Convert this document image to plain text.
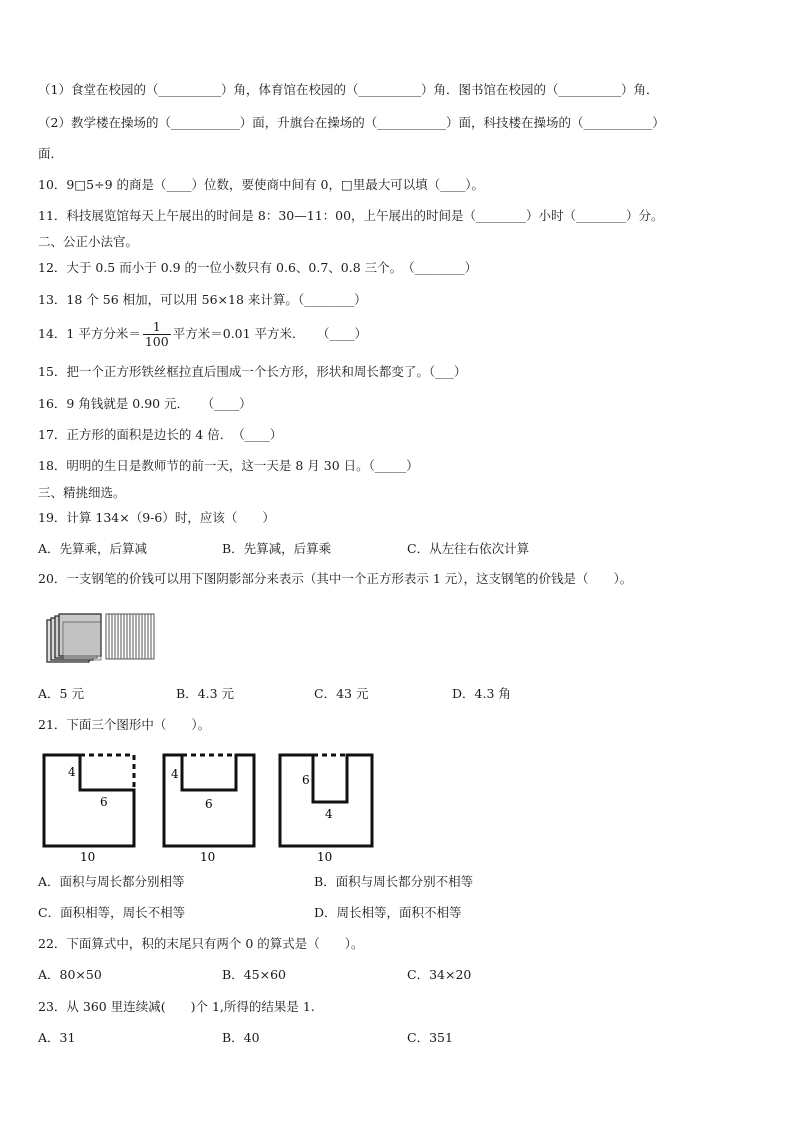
（1）食堂在校园的（__________）角，体育馆在校园的（__________）角．图书馆在校园的（__________）角．
（2）教学楼在操场的（___________）面，升旗台在操场的（___________）面，科技楼在操场的（___________）
面．
10．9□5÷9 的商是（____）位数，要使商中间有 0，□里最大可以填（____）。
11．科技展览馆每天上午展出的时间是 8：30—11：00，上午展出的时间是（________）小时（________）分。
二、公正小法官。
12．大于 0.5 而小于 0.9 的一位小数只有 0.6、0.7、0.8 三个。　（________）
13．18 个 56 相加，可以用 56×18 来计算。（________）
14．1 平方分米＝ $\frac{1}{100}$ 平方米＝0.01 平方米．　　（____）
15．把一个正方形铁丝框拉直后围成一个长方形，形状和周长都变了。（___）
16．9 角钱就是 0.90 元．　　（____）
17．正方形的面积是边长的 4 倍．　（____）
18．明明的生日是教师节的前一天，这一天是 8 月 30 日。（_____）
三、精挑细选。
19．计算 134×（9-6）时，应该（　　）
A．先算乘，后算减	B．先算减，后算乘	C．从左往右依次计算
20．一支钢笔的价钱可以用下图阴影部分来表示（其中一个正方形表示 1 元），这支钢笔的价钱是（　　）。
A．5 元	B．4.3 元	C．43 元	D．4.3 角
21．下面三个图形中（　　）。
4
6
10
4
6
10
6
4
10
A．面积与周长都分别相等	B．面积与周长都分别不相等
C．面积相等，周长不相等	D．周长相等，面积不相等
22．下面算式中，积的末尾只有两个 0 的算式是（　　）。
A．80×50	B．45×60	C．34×20
23．从 360 里连续减(　　)个 1,所得的结果是 1.
A．31	B．40	C．351
